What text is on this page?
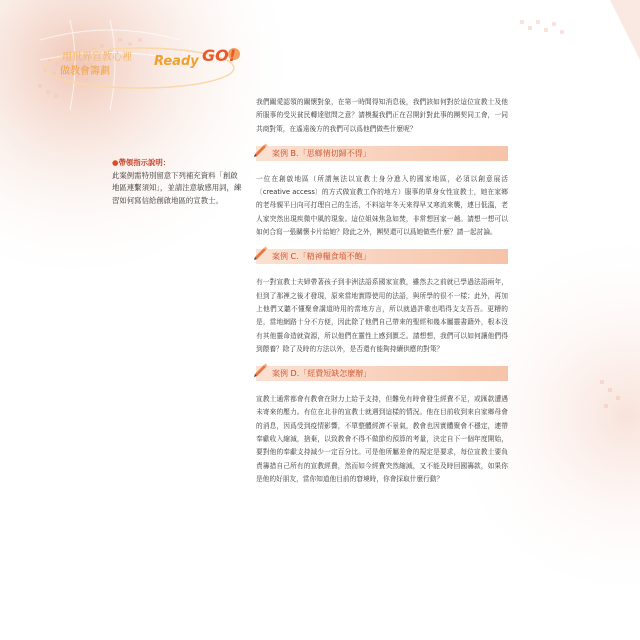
用世界宣教心裡
做教會籌劃
Ready GO!
●帶領指示說明：
此案例需特別留意下列補充資料「創啟地區連繫須知」，並請注意敏感用詞，練習如何寫信給創啟地區的宣教士。

我們關愛認領的關懷對象，在第一時間得知消息後，我們該如何對於這位宣教士及他所服事的受災貧民轉達慰問之意？請模擬我們正在召開針對此事的團契同工會，一同共商對策，在遙遠後方的我們可以爲他們做些什麼呢？

案例 B.「思鄉情切歸不得」

一位在創啟地區（所謂無法以宣教士身分進入的國家地區，必須以創意展活〔creative access〕的方式做宣教工作的地方）服事的單身女性宣教士，她在家鄉的老母親平日向可打理自己的生活，不料這年冬天來得早又寒流來襲，連日低溫，老人家突然出現疾微中風的現象。這位姐妹焦急如焚，非常想回家一趟。請想一想可以如何合寫一張關懷卡片給她？除此之外，團契還可以爲她做些什麼？請一起討論。

案例 C.「精神糧食墳不飽」

有一對宣教士夫婦帶著孩子到非洲法語系國家宣教，雖然去之前就已學過法語兩年，但到了那裡之後才發現，原來當地實際使用的法語，與所學的很不一樣；此外，再加上他們又聽不懂聚會講道時用的當地方言，所以就過許歌也唱得支支吾吾。更糟的是，當地網路十分不方便，因此除了他們自己帶來的聖經和幾本屬靈書籍外，根本沒有其他靈命造就資源，所以他們在靈性上感到匱乏。請想想，我們可以如何讓他們得到餵養？除了及時的方法以外，是否還有能夠持續供應的對策？

案例 D.「經費短缺怎麼辦」

宣教士通常都會有教會在財力上給予支持，但難免有時會發生經費不足，或匯款遭遇未寄來的壓力。有位在北非的宣教士就遇到這樣的情況。他在目前收到來自家鄉母會的消息，因爲受到疫情影響，不單整體經濟不景氣，教會也因實體聚會不穩定，連帶奉獻收入縮減，捨棄，以致教會不得不做節約預算的考量，決定自下一個年度開始，要對他的奉獻支持減少一定百分比。可是他所屬差會的規定是要求，每位宣教士要負責籌措自己所有的宣教經費，然而如今經費突然縮減，又不能及時回國籌款，如果你是他的好朋友，當你知道他目前的窘境時，你會採取什麼行動？
